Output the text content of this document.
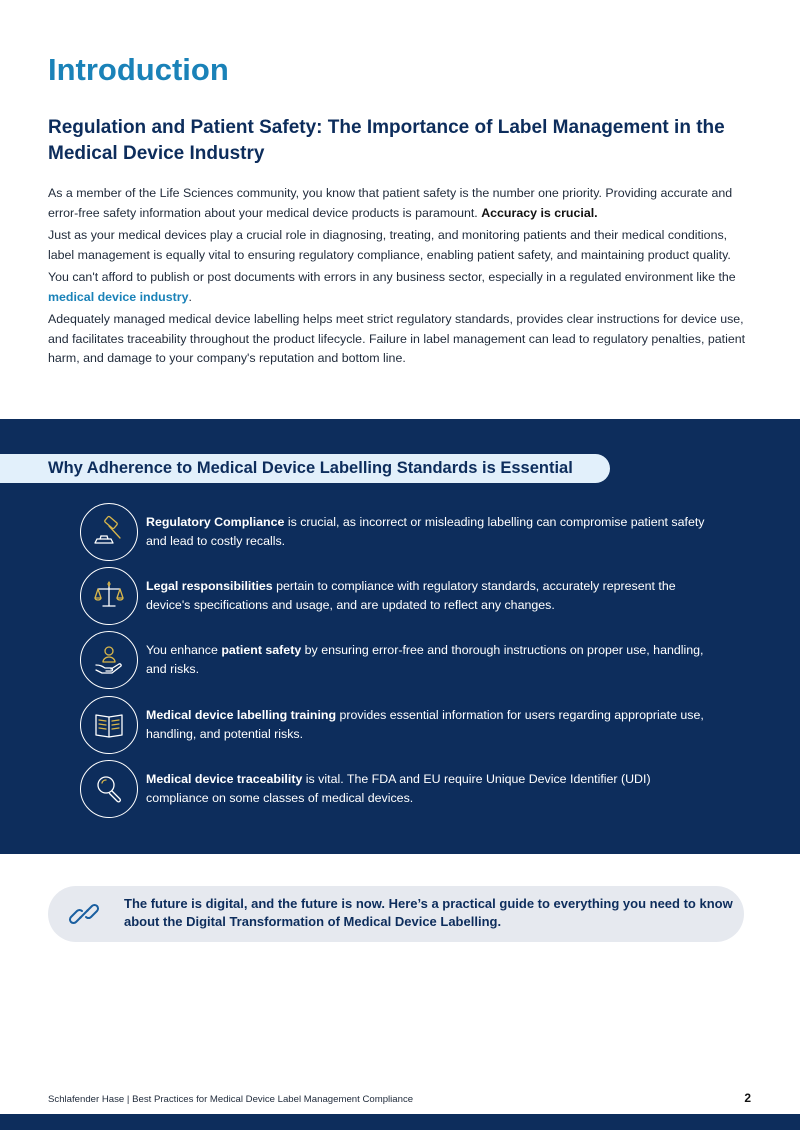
Introduction
Regulation and Patient Safety: The Importance of Label Management in the Medical Device Industry

As a member of the Life Sciences community, you know that patient safety is the number one priority. Providing accurate and error-free safety information about your medical device products is paramount. Accuracy is crucial.

Just as your medical devices play a crucial role in diagnosing, treating, and monitoring patients and their medical conditions, label management is equally vital to ensuring regulatory compliance, enabling patient safety, and maintaining product quality.

You can't afford to publish or post documents with errors in any business sector, especially in a regulated environment like the medical device industry.

Adequately managed medical device labelling helps meet strict regulatory standards, provides clear instructions for device use, and facilitates traceability throughout the product lifecycle. Failure in label management can lead to regulatory penalties, patient harm, and damage to your company's reputation and bottom line.

Why Adherence to Medical Device Labelling Standards is Essential
Regulatory Compliance is crucial, as incorrect or misleading labelling can compromise patient safety and lead to costly recalls.
Legal responsibilities pertain to compliance with regulatory standards, accurately represent the device's specifications and usage, and are updated to reflect any changes.
You enhance patient safety by ensuring error-free and thorough instructions on proper use, handling, and risks.
Medical device labelling training provides essential information for users regarding appropriate use, handling, and potential risks.
Medical device traceability is vital. The FDA and EU require Unique Device Identifier (UDI) compliance on some classes of medical devices.
The future is digital, and the future is now. Here’s a practical guide to everything you need to know about the Digital Transformation of Medical Device Labelling.
Schlafender Hase | Best Practices for Medical Device Label Management Compliance	2
